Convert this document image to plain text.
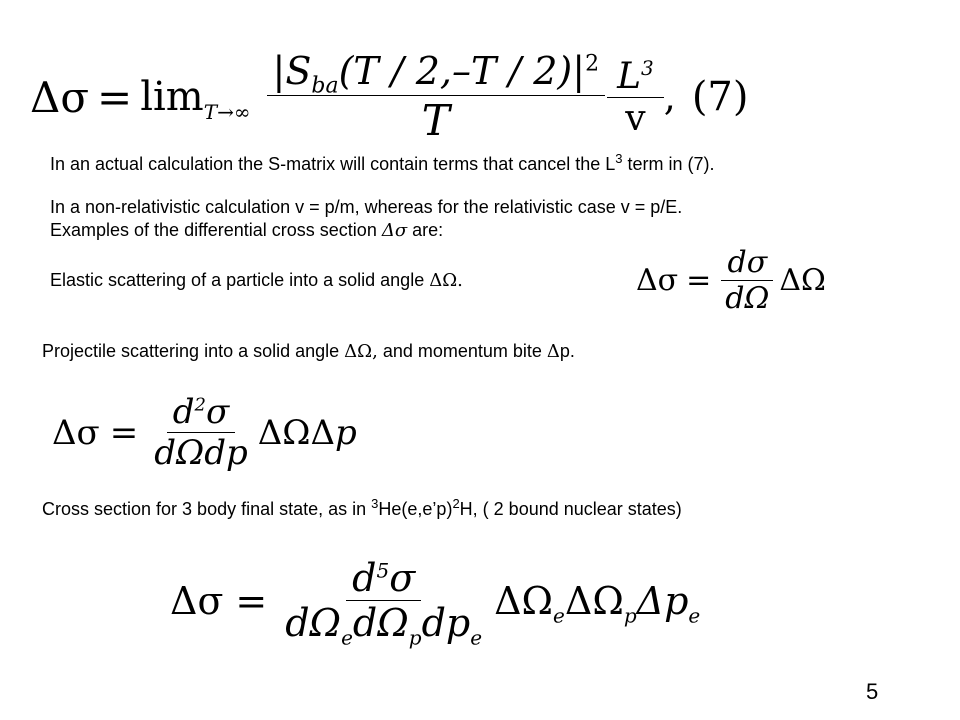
$\Delta\sigma = \lim_{T\to\infty} \frac{|S_{ba}(T / 2,-T / 2)|^2}{T} \frac{L^3}{v}$ , (7)
In an actual calculation the S-matrix will contain terms that cancel the $L^3$ term in (7).
In a non-relativistic calculation v = p/m, whereas for the relativistic case v = p/E.
Examples of the differential cross section Δσ are:
Elastic scattering of a particle into a solid angle ΔΩ.	$\Delta\sigma = \frac{d\sigma}{d\Omega}$ ΔΩ
Projectile scattering into a solid angle ΔΩ, and momentum bite Δp.
$\Delta\sigma = \frac{d^2\sigma}{\text{dΩdp}}$ ΔΩΔ p
Cross section for 3 body final state, as in $^3$He(e,e’p)$^2$H, ( 2 bound nuclear states)
$\Delta\sigma = \frac{d^5\sigma}{d\Omega_ed\Omega_pdp_e} \Delta\Omega_e\Delta\Omega_p\Delta p_e$
5
